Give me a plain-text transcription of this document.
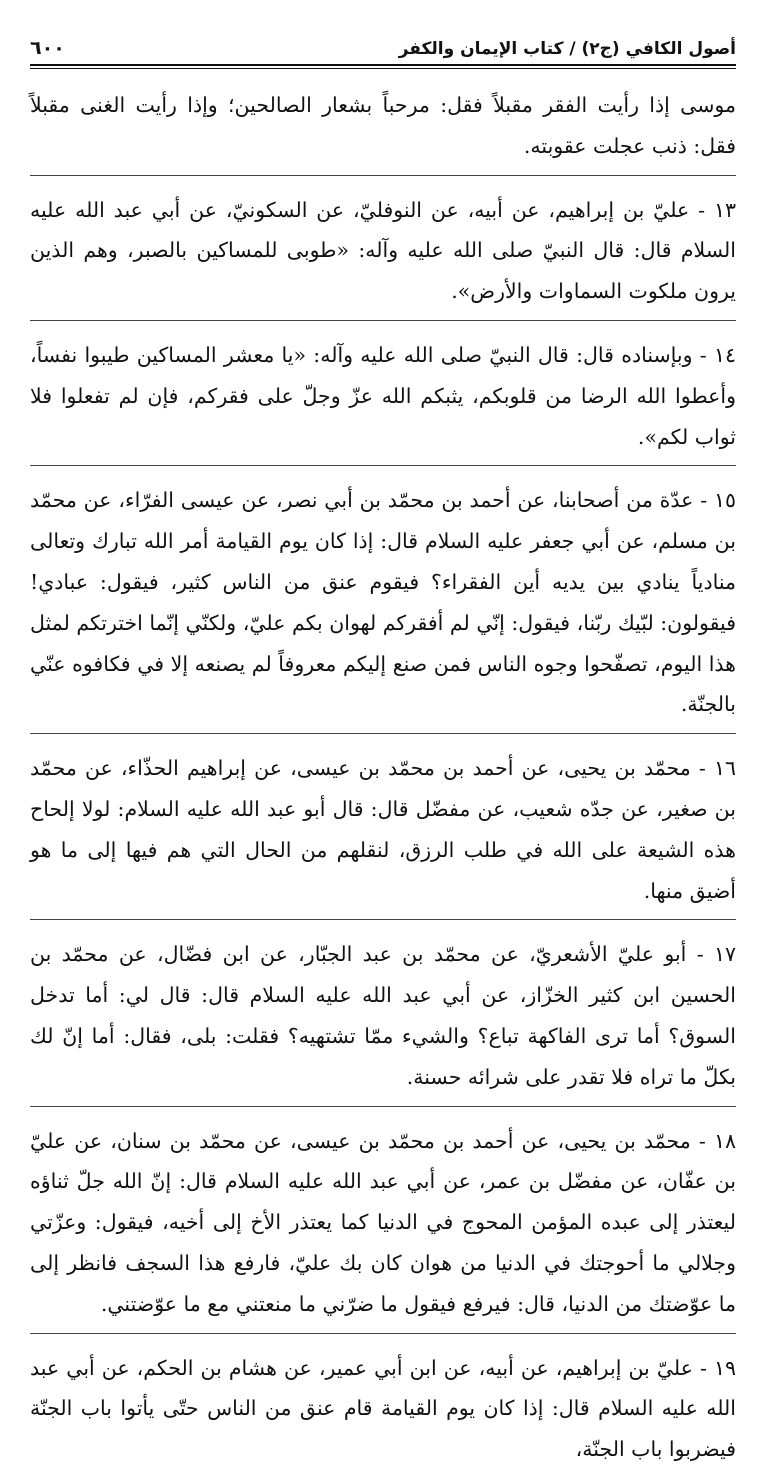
أصول الكافي (ج٢) / كتاب الإيمان والكفر
٦٠٠

موسى إذا رأيت الفقر مقبلاً فقل: مرحباً بشعار الصالحين؛ وإذا رأيت الغنى مقبلاً فقل: ذنب عجلت عقوبته.

١٣ - عليّ بن إبراهيم، عن أبيه، عن النوفليّ، عن السكونيّ، عن أبي عبد الله عليه السلام قال: قال النبيّ صلى الله عليه وآله: «طوبى للمساكين بالصبر، وهم الذين يرون ملكوت السماوات والأرض».

١٤ - وبإسناده قال: قال النبيّ صلى الله عليه وآله: «يا معشر المساكين طيبوا نفساً، وأعطوا الله الرضا من قلوبكم، يثبكم الله عزّ وجلّ على فقركم، فإن لم تفعلوا فلا ثواب لكم».

١٥ - عدّة من أصحابنا، عن أحمد بن محمّد بن أبي نصر، عن عيسى الفرّاء، عن محمّد بن مسلم، عن أبي جعفر عليه السلام قال: إذا كان يوم القيامة أمر الله تبارك وتعالى منادياً ينادي بين يديه أين الفقراء؟ فيقوم عنق من الناس كثير، فيقول: عبادي! فيقولون: لبّيك ربّنا، فيقول: إنّي لم أفقركم لهوان بكم عليّ، ولكنّي إنّما اخترتكم لمثل هذا اليوم، تصفّحوا وجوه الناس فمن صنع إليكم معروفاً لم يصنعه إلا في فكافوه عنّي بالجنّة.

١٦ - محمّد بن يحيى، عن أحمد بن محمّد بن عيسى، عن إبراهيم الحذّاء، عن محمّد بن صغير، عن جدّه شعيب، عن مفضّل قال: قال أبو عبد الله عليه السلام: لولا إلحاح هذه الشيعة على الله في طلب الرزق، لنقلهم من الحال التي هم فيها إلى ما هو أضيق منها.

١٧ - أبو عليّ الأشعريّ، عن محمّد بن عبد الجبّار، عن ابن فضّال، عن محمّد بن الحسين ابن كثير الخزّاز، عن أبي عبد الله عليه السلام قال: قال لي: أما تدخل السوق؟ أما ترى الفاكهة تباع؟ والشيء ممّا تشتهيه؟ فقلت: بلى، فقال: أما إنّ لك بكلّ ما تراه فلا تقدر على شرائه حسنة.

١٨ - محمّد بن يحيى، عن أحمد بن محمّد بن عيسى، عن محمّد بن سنان، عن عليّ بن عفّان، عن مفضّل بن عمر، عن أبي عبد الله عليه السلام قال: إنّ الله جلّ ثناؤه ليعتذر إلى عبده المؤمن المحوج في الدنيا كما يعتذر الأخ إلى أخيه، فيقول: وعزّتي وجلالي ما أحوجتك في الدنيا من هوان كان بك عليّ، فارفع هذا السجف فانظر إلى ما عوّضتك من الدنيا، قال: فيرفع فيقول ما ضرّني ما منعتني مع ما عوّضتني.

١٩ - عليّ بن إبراهيم، عن أبيه، عن ابن أبي عمير، عن هشام بن الحكم، عن أبي عبد الله عليه السلام قال: إذا كان يوم القيامة قام عنق من الناس حتّى يأتوا باب الجنّة فيضربوا باب الجنّة،
